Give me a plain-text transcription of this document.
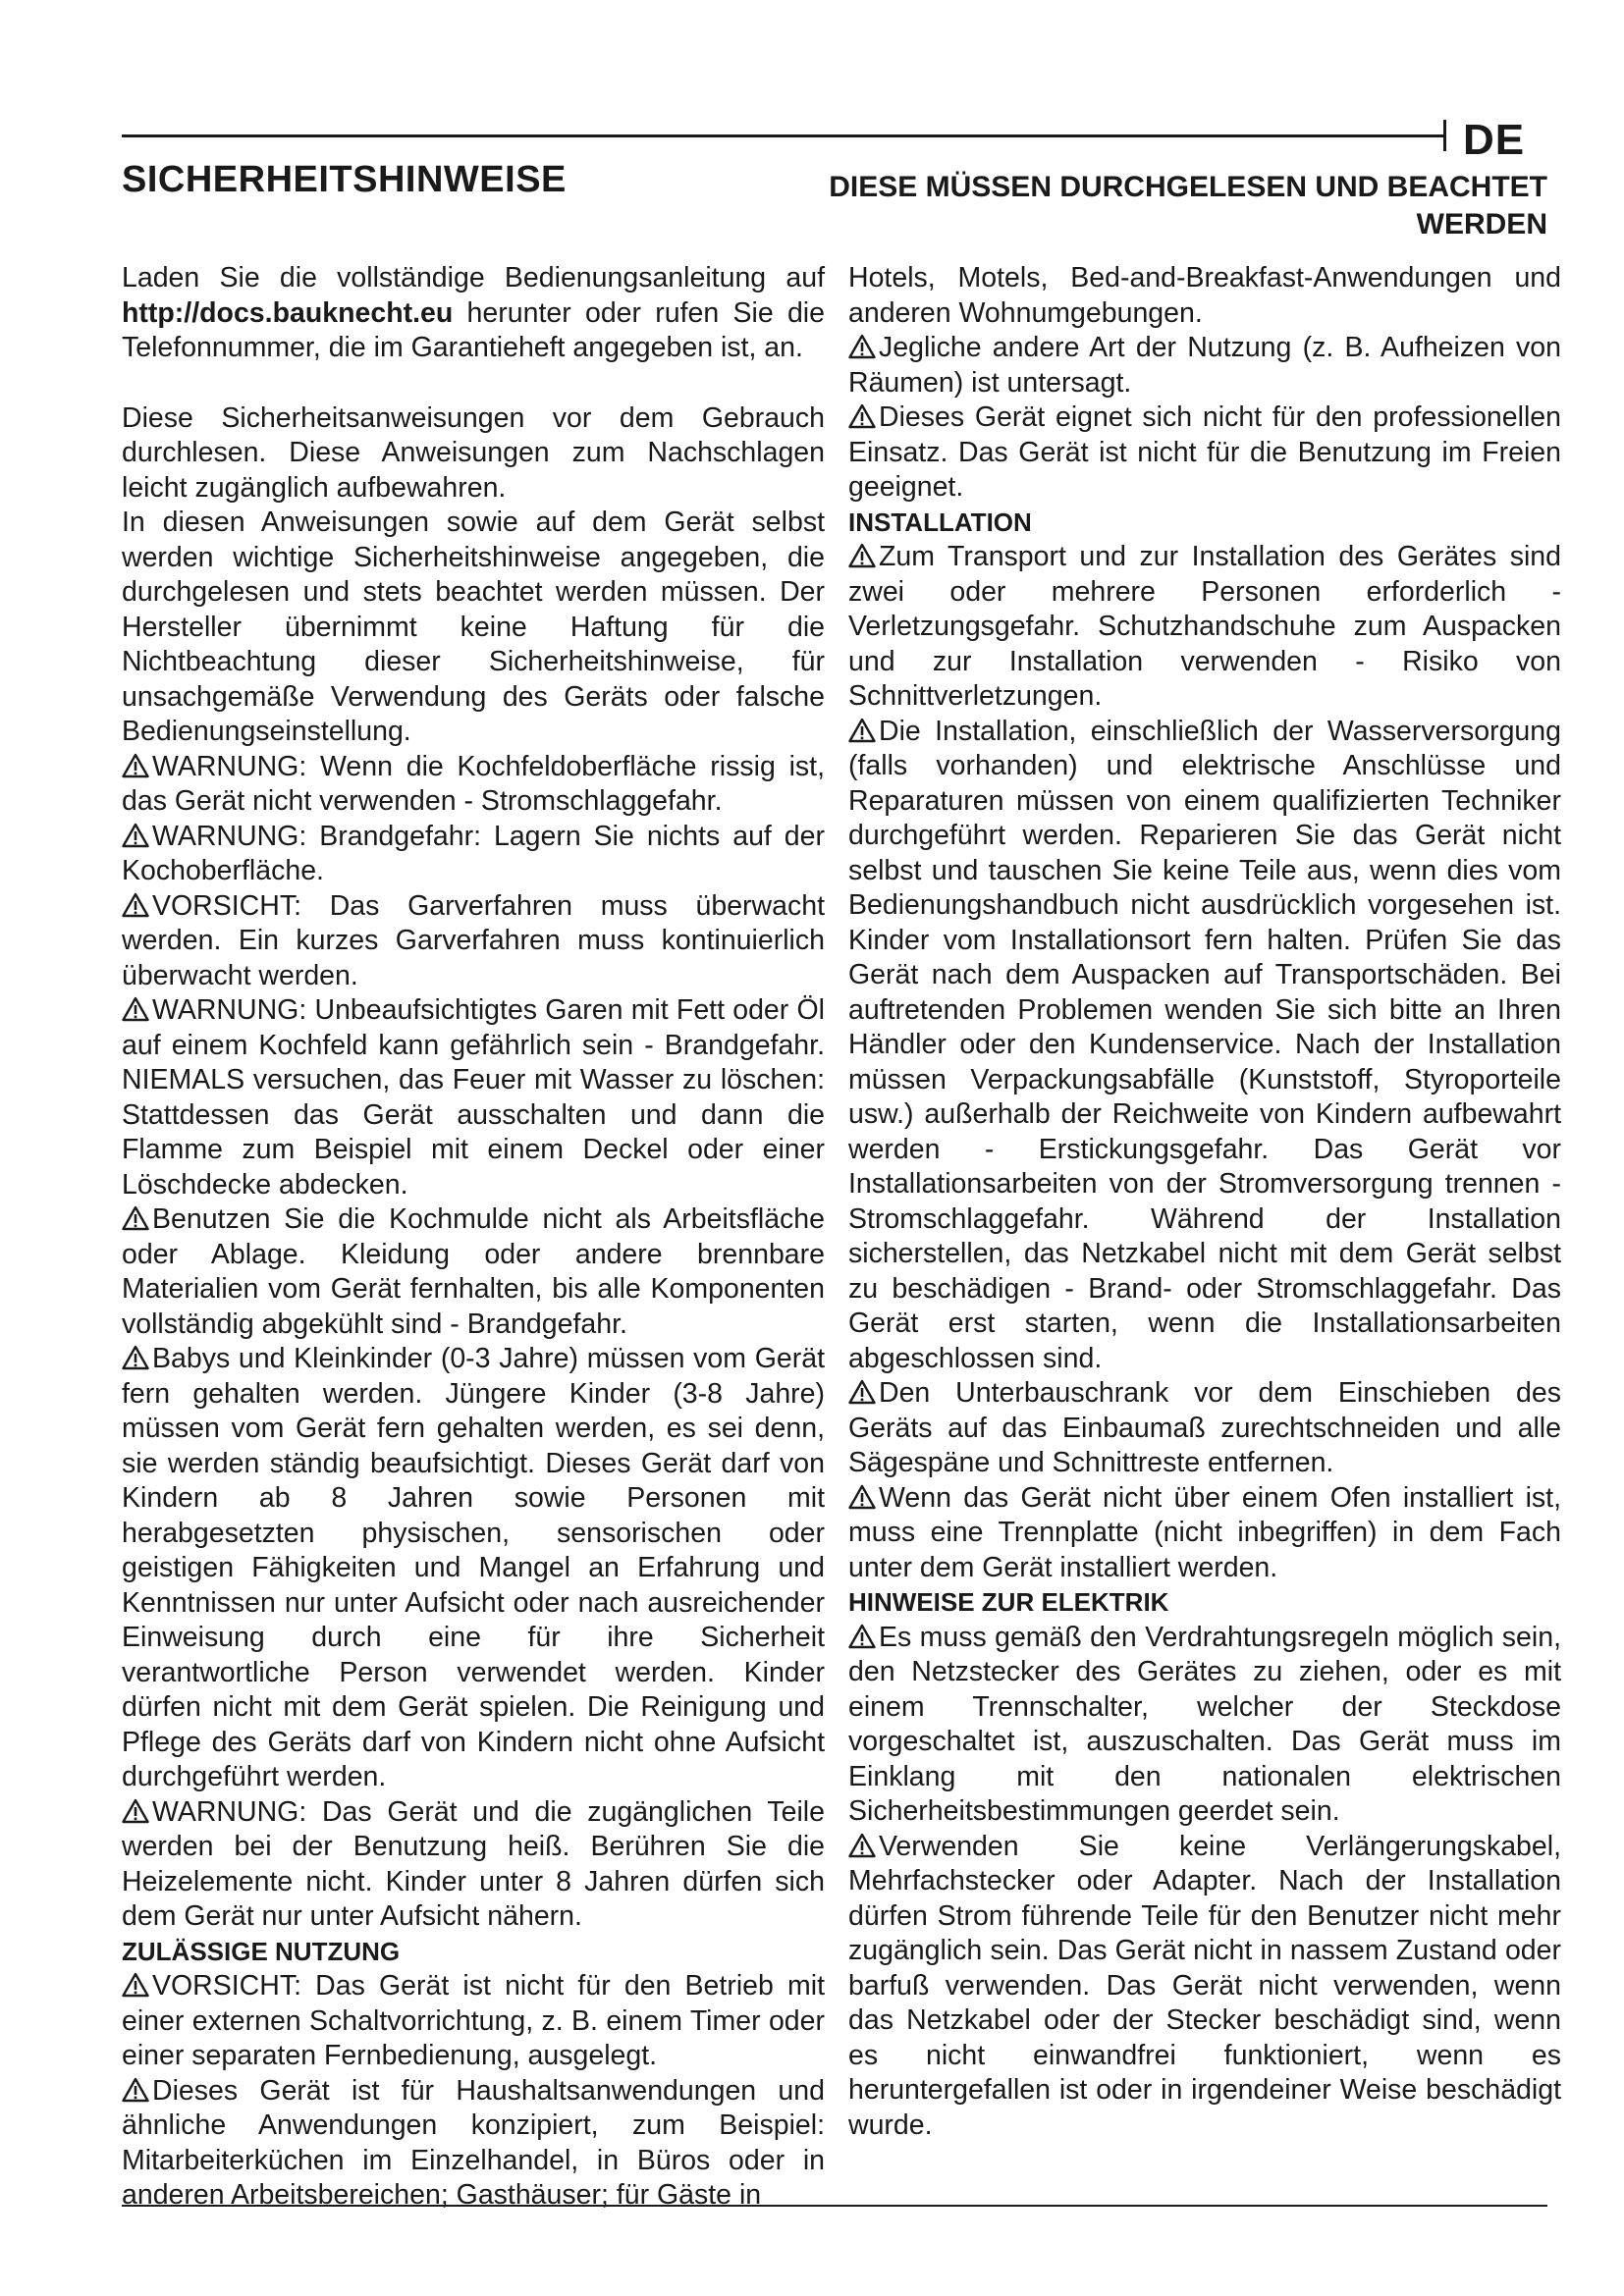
DE
SICHERHEITSHINWEISE	DIESE MÜSSEN DURCHGELESEN UND BEACHTET
WERDEN

Laden Sie die vollständige Bedienungsanleitung auf http://docs.bauknecht.eu herunter oder rufen Sie die Telefonnummer, die im Garantieheft angegeben ist, an.

Diese Sicherheitsanweisungen vor dem Gebrauch durchlesen. Diese Anweisungen zum Nachschlagen leicht zugänglich aufbewahren.

In diesen Anweisungen sowie auf dem Gerät selbst werden wichtige Sicherheitshinweise angegeben, die durchgelesen und stets beachtet werden müssen. Der Hersteller übernimmt keine Haftung für die Nichtbeachtung dieser Sicherheitshinweise, für unsachgemäße Verwendung des Geräts oder falsche Bedienungseinstellung.

WARNUNG: Wenn die Kochfeldoberfläche rissig ist, das Gerät nicht verwenden - Stromschlaggefahr.

WARNUNG: Brandgefahr: Lagern Sie nichts auf der Kochoberfläche.

VORSICHT: Das Garverfahren muss überwacht werden. Ein kurzes Garverfahren muss kontinuierlich überwacht werden.

WARNUNG: Unbeaufsichtigtes Garen mit Fett oder Öl auf einem Kochfeld kann gefährlich sein - Brandgefahr. NIEMALS versuchen, das Feuer mit Wasser zu löschen: Stattdessen das Gerät ausschalten und dann die Flamme zum Beispiel mit einem Deckel oder einer Löschdecke abdecken.

Benutzen Sie die Kochmulde nicht als Arbeitsfläche oder Ablage. Kleidung oder andere brennbare Materialien vom Gerät fernhalten, bis alle Komponenten vollständig abgekühlt sind - Brandgefahr.

Babys und Kleinkinder (0-3 Jahre) müssen vom Gerät fern gehalten werden. Jüngere Kinder (3-8 Jahre) müssen vom Gerät fern gehalten werden, es sei denn, sie werden ständig beaufsichtigt. Dieses Gerät darf von Kindern ab 8 Jahren sowie Personen mit herabgesetzten physischen, sensorischen oder geistigen Fähigkeiten und Mangel an Erfahrung und Kenntnissen nur unter Aufsicht oder nach ausreichender Einweisung durch eine für ihre Sicherheit verantwortliche Person verwendet werden. Kinder dürfen nicht mit dem Gerät spielen. Die Reinigung und Pflege des Geräts darf von Kindern nicht ohne Aufsicht durchgeführt werden.

WARNUNG: Das Gerät und die zugänglichen Teile werden bei der Benutzung heiß. Berühren Sie die Heizelemente nicht. Kinder unter 8 Jahren dürfen sich dem Gerät nur unter Aufsicht nähern.

ZULÄSSIGE NUTZUNG

VORSICHT: Das Gerät ist nicht für den Betrieb mit einer externen Schaltvorrichtung, z. B. einem Timer oder einer separaten Fernbedienung, ausgelegt.

Dieses Gerät ist für Haushaltsanwendungen und ähnliche Anwendungen konzipiert, zum Beispiel: Mitarbeiterküchen im Einzelhandel, in Büros oder in anderen Arbeitsbereichen; Gasthäuser; für Gäste in

Hotels, Motels, Bed-and-Breakfast-Anwendungen und anderen Wohnumgebungen.

Jegliche andere Art der Nutzung (z. B. Aufheizen von Räumen) ist untersagt.

Dieses Gerät eignet sich nicht für den professionellen Einsatz. Das Gerät ist nicht für die Benutzung im Freien geeignet.

INSTALLATION

Zum Transport und zur Installation des Gerätes sind zwei oder mehrere Personen erforderlich - Verletzungsgefahr. Schutzhandschuhe zum Auspacken und zur Installation verwenden - Risiko von Schnittverletzungen.

Die Installation, einschließlich der Wasserversorgung (falls vorhanden) und elektrische Anschlüsse und Reparaturen müssen von einem qualifizierten Techniker durchgeführt werden. Reparieren Sie das Gerät nicht selbst und tauschen Sie keine Teile aus, wenn dies vom Bedienungshandbuch nicht ausdrücklich vorgesehen ist. Kinder vom Installationsort fern halten. Prüfen Sie das Gerät nach dem Auspacken auf Transportschäden. Bei auftretenden Problemen wenden Sie sich bitte an Ihren Händler oder den Kundenservice. Nach der Installation müssen Verpackungsabfälle (Kunststoff, Styroporteile usw.) außerhalb der Reichweite von Kindern aufbewahrt werden - Erstickungsgefahr. Das Gerät vor Installationsarbeiten von der Stromversorgung trennen - Stromschlaggefahr. Während der Installation sicherstellen, das Netzkabel nicht mit dem Gerät selbst zu beschädigen - Brand- oder Stromschlaggefahr. Das Gerät erst starten, wenn die Installationsarbeiten abgeschlossen sind.

Den Unterbauschrank vor dem Einschieben des Geräts auf das Einbaumaß zurechtschneiden und alle Sägespäne und Schnittreste entfernen.

Wenn das Gerät nicht über einem Ofen installiert ist, muss eine Trennplatte (nicht inbegriffen) in dem Fach unter dem Gerät installiert werden.

HINWEISE ZUR ELEKTRIK

Es muss gemäß den Verdrahtungsregeln möglich sein, den Netzstecker des Gerätes zu ziehen, oder es mit einem Trennschalter, welcher der Steckdose vorgeschaltet ist, auszuschalten. Das Gerät muss im Einklang mit den nationalen elektrischen Sicherheitsbestimmungen geerdet sein.

Verwenden Sie keine Verlängerungskabel, Mehrfachstecker oder Adapter. Nach der Installation dürfen Strom führende Teile für den Benutzer nicht mehr zugänglich sein. Das Gerät nicht in nassem Zustand oder barfuß verwenden. Das Gerät nicht verwenden, wenn das Netzkabel oder der Stecker beschädigt sind, wenn es nicht einwandfrei funktioniert, wenn es heruntergefallen ist oder in irgendeiner Weise beschädigt wurde.
